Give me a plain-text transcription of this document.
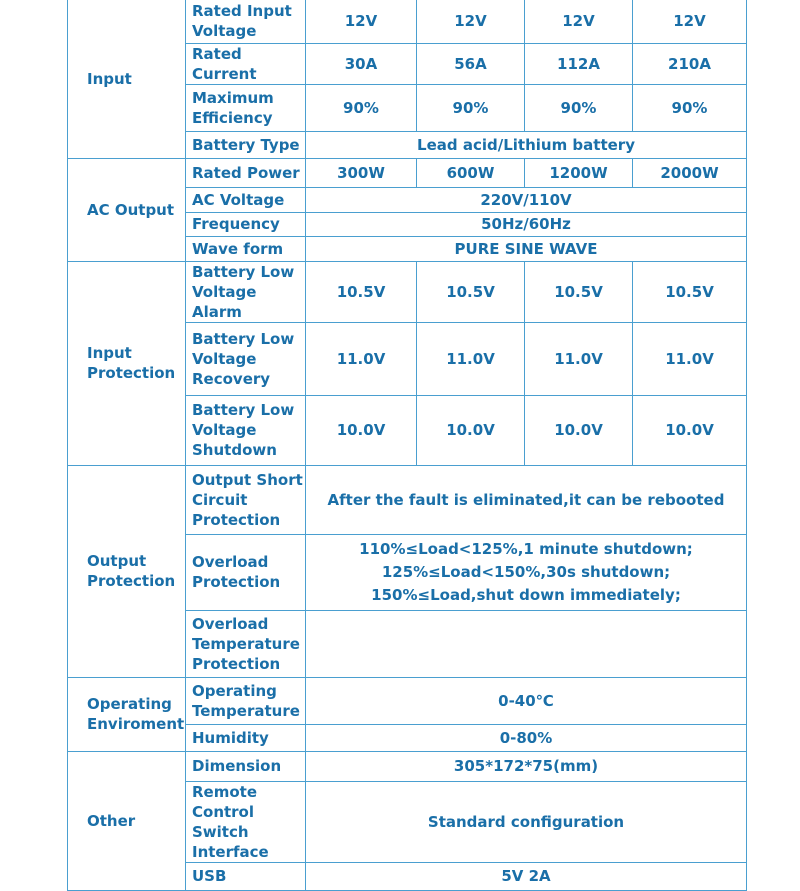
Input	Rated Input Voltage	12V	12V	12V	12V
	Rated Current	30A	56A	112A	210A
	Maximum Efficiency	90%	90%	90%	90%
	Battery Type	Lead acid/Lithium battery			
AC Output	Rated Power	300W	600W	1200W	2000W
	AC Voltage	220V/110V			
	Frequency	50Hz/60Hz			
	Wave form	PURE SINE WAVE			
Input Protection	Battery Low Voltage Alarm	10.5V	10.5V	10.5V	10.5V
	Battery Low Voltage Recovery	11.0V	11.0V	11.0V	11.0V
	Battery Low Voltage Shutdown	10.0V	10.0V	10.0V	10.0V
Output Protection	Output Short Circuit Protection	After the fault is eliminated,it can be rebooted			
	Overload Protection	110%≤Load<125%,1 minute shutdown;
125%≤Load<150%,30s shutdown;
150%≤Load,shut down immediately;			

	Overload Temperature Protection				
Operating Enviroment	Operating Temperature	0-40℃			
	Humidity	0-80%			
Other	Dimension	305*172*75(mm)			
	Remote Control Switch Interface	Standard configuration			
	USB	5V 2A			
